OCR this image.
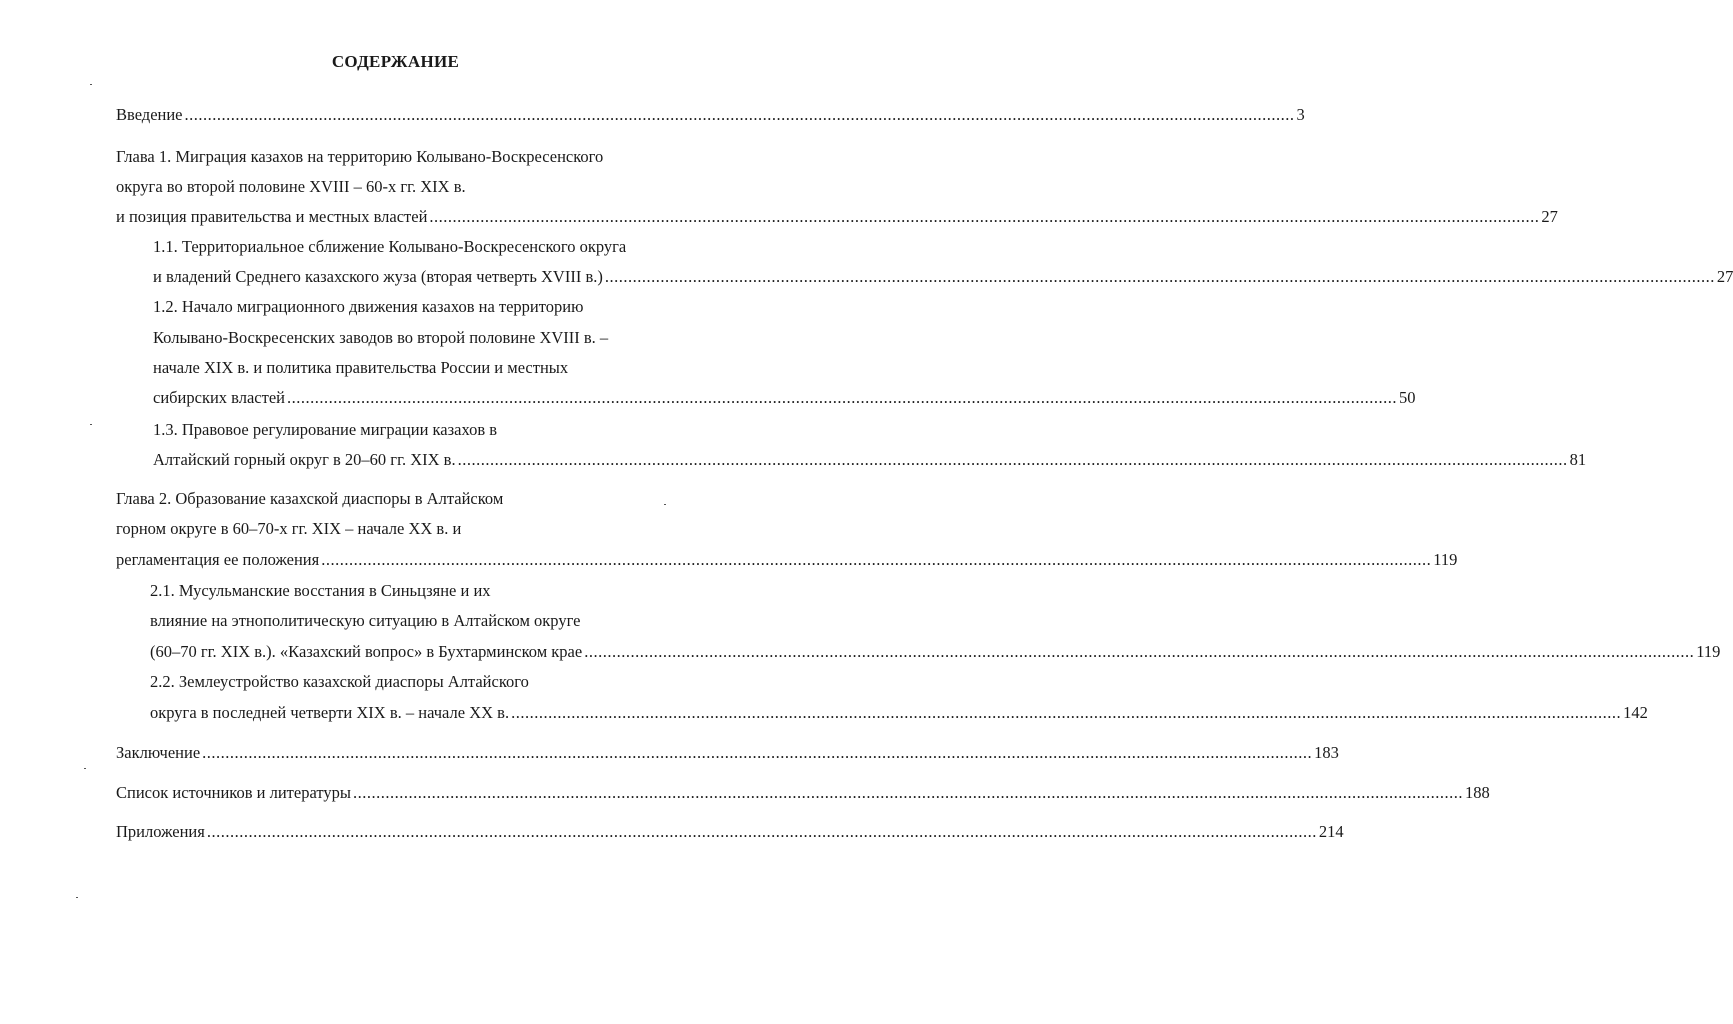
СОДЕРЖАНИЕ
Введение ................................................................................................................................................................................................................................................ 3
Глава 1. Миграция казахов на территорию Колывано-Воскресенского
округа во второй половине XVIII – 60-х гг. XIX в.
и позиция правительства и местных властей ................................................................................................................................................................................................................................................ 27
1.1. Территориальное сближение Колывано-Воскресенского округа
и владений Среднего казахского жуза (вторая четверть XVIII в.) ................................................................................................................................................................................................................................................ 27
1.2. Начало миграционного движения казахов на территорию
Колывано-Воскресенских заводов во второй половине XVIII в. –
начале XIX в. и политика правительства России и местных
сибирских властей ................................................................................................................................................................................................................................................ 50
1.3. Правовое регулирование миграции казахов в
Алтайский горный округ в 20–60 гг. XIX в. ................................................................................................................................................................................................................................................ 81
Глава 2. Образование казахской диаспоры в Алтайском
горном округе в 60–70-х гг. XIX – начале XX в. и
регламентация ее положения ................................................................................................................................................................................................................................................ 119
2.1. Мусульманские восстания в Синьцзяне и их
влияние на этнополитическую ситуацию в Алтайском округе
(60–70 гг. XIX в.). «Казахский вопрос» в Бухтарминском крае ................................................................................................................................................................................................................................................ 119
2.2. Землеустройство казахской диаспоры Алтайского
округа в последней четверти XIX в. – начале XX в. ................................................................................................................................................................................................................................................ 142
Заключение ................................................................................................................................................................................................................................................ 183
Список источников и литературы ................................................................................................................................................................................................................................................ 188
Приложения ................................................................................................................................................................................................................................................ 214
